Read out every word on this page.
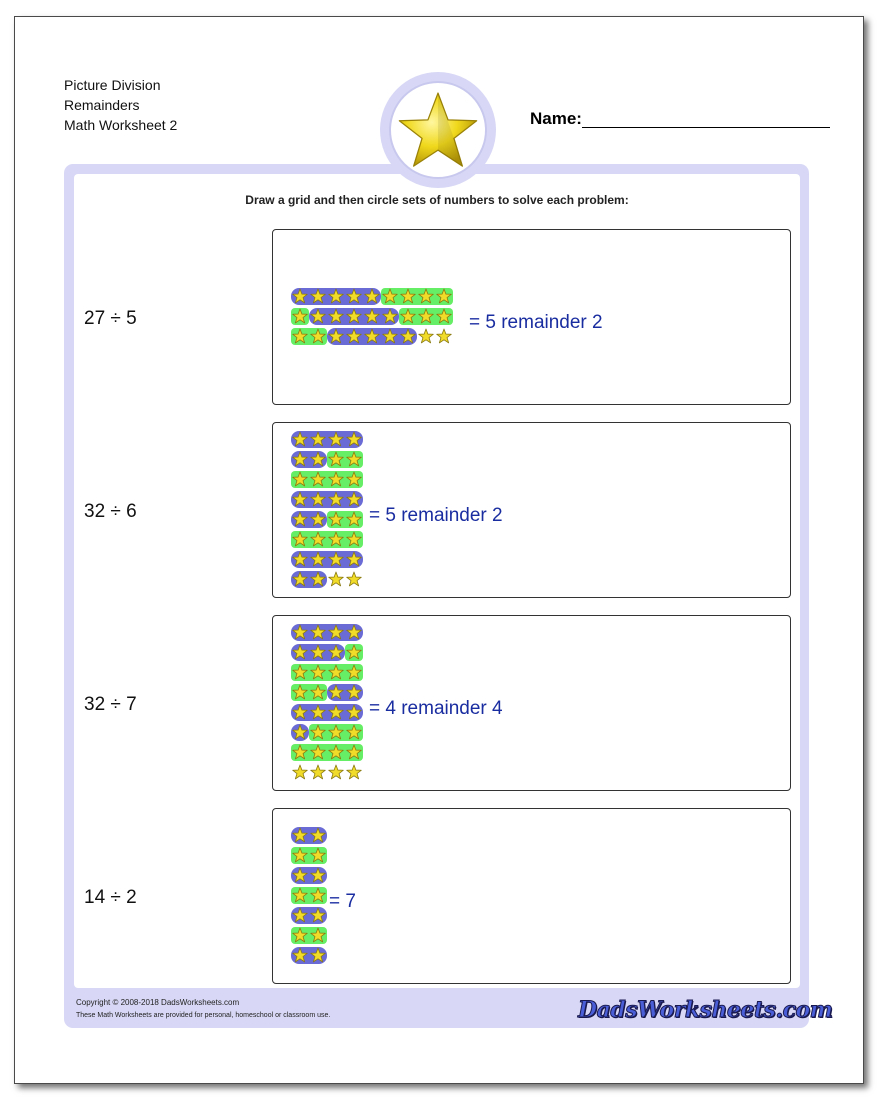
Picture Division
Remainders
Math Worksheet 2	Name:
Draw a grid and then circle sets of numbers to solve each problem:
27 ÷ 5	= 5 remainder 2
32 ÷ 6	= 5 remainder 2
32 ÷ 7	= 4 remainder 4
14 ÷ 2	= 7
Copyright © 2008-2018 DadsWorksheets.com
These Math Worksheets are provided for personal, homeschool or classroom use.	DadsWorksheets.com
